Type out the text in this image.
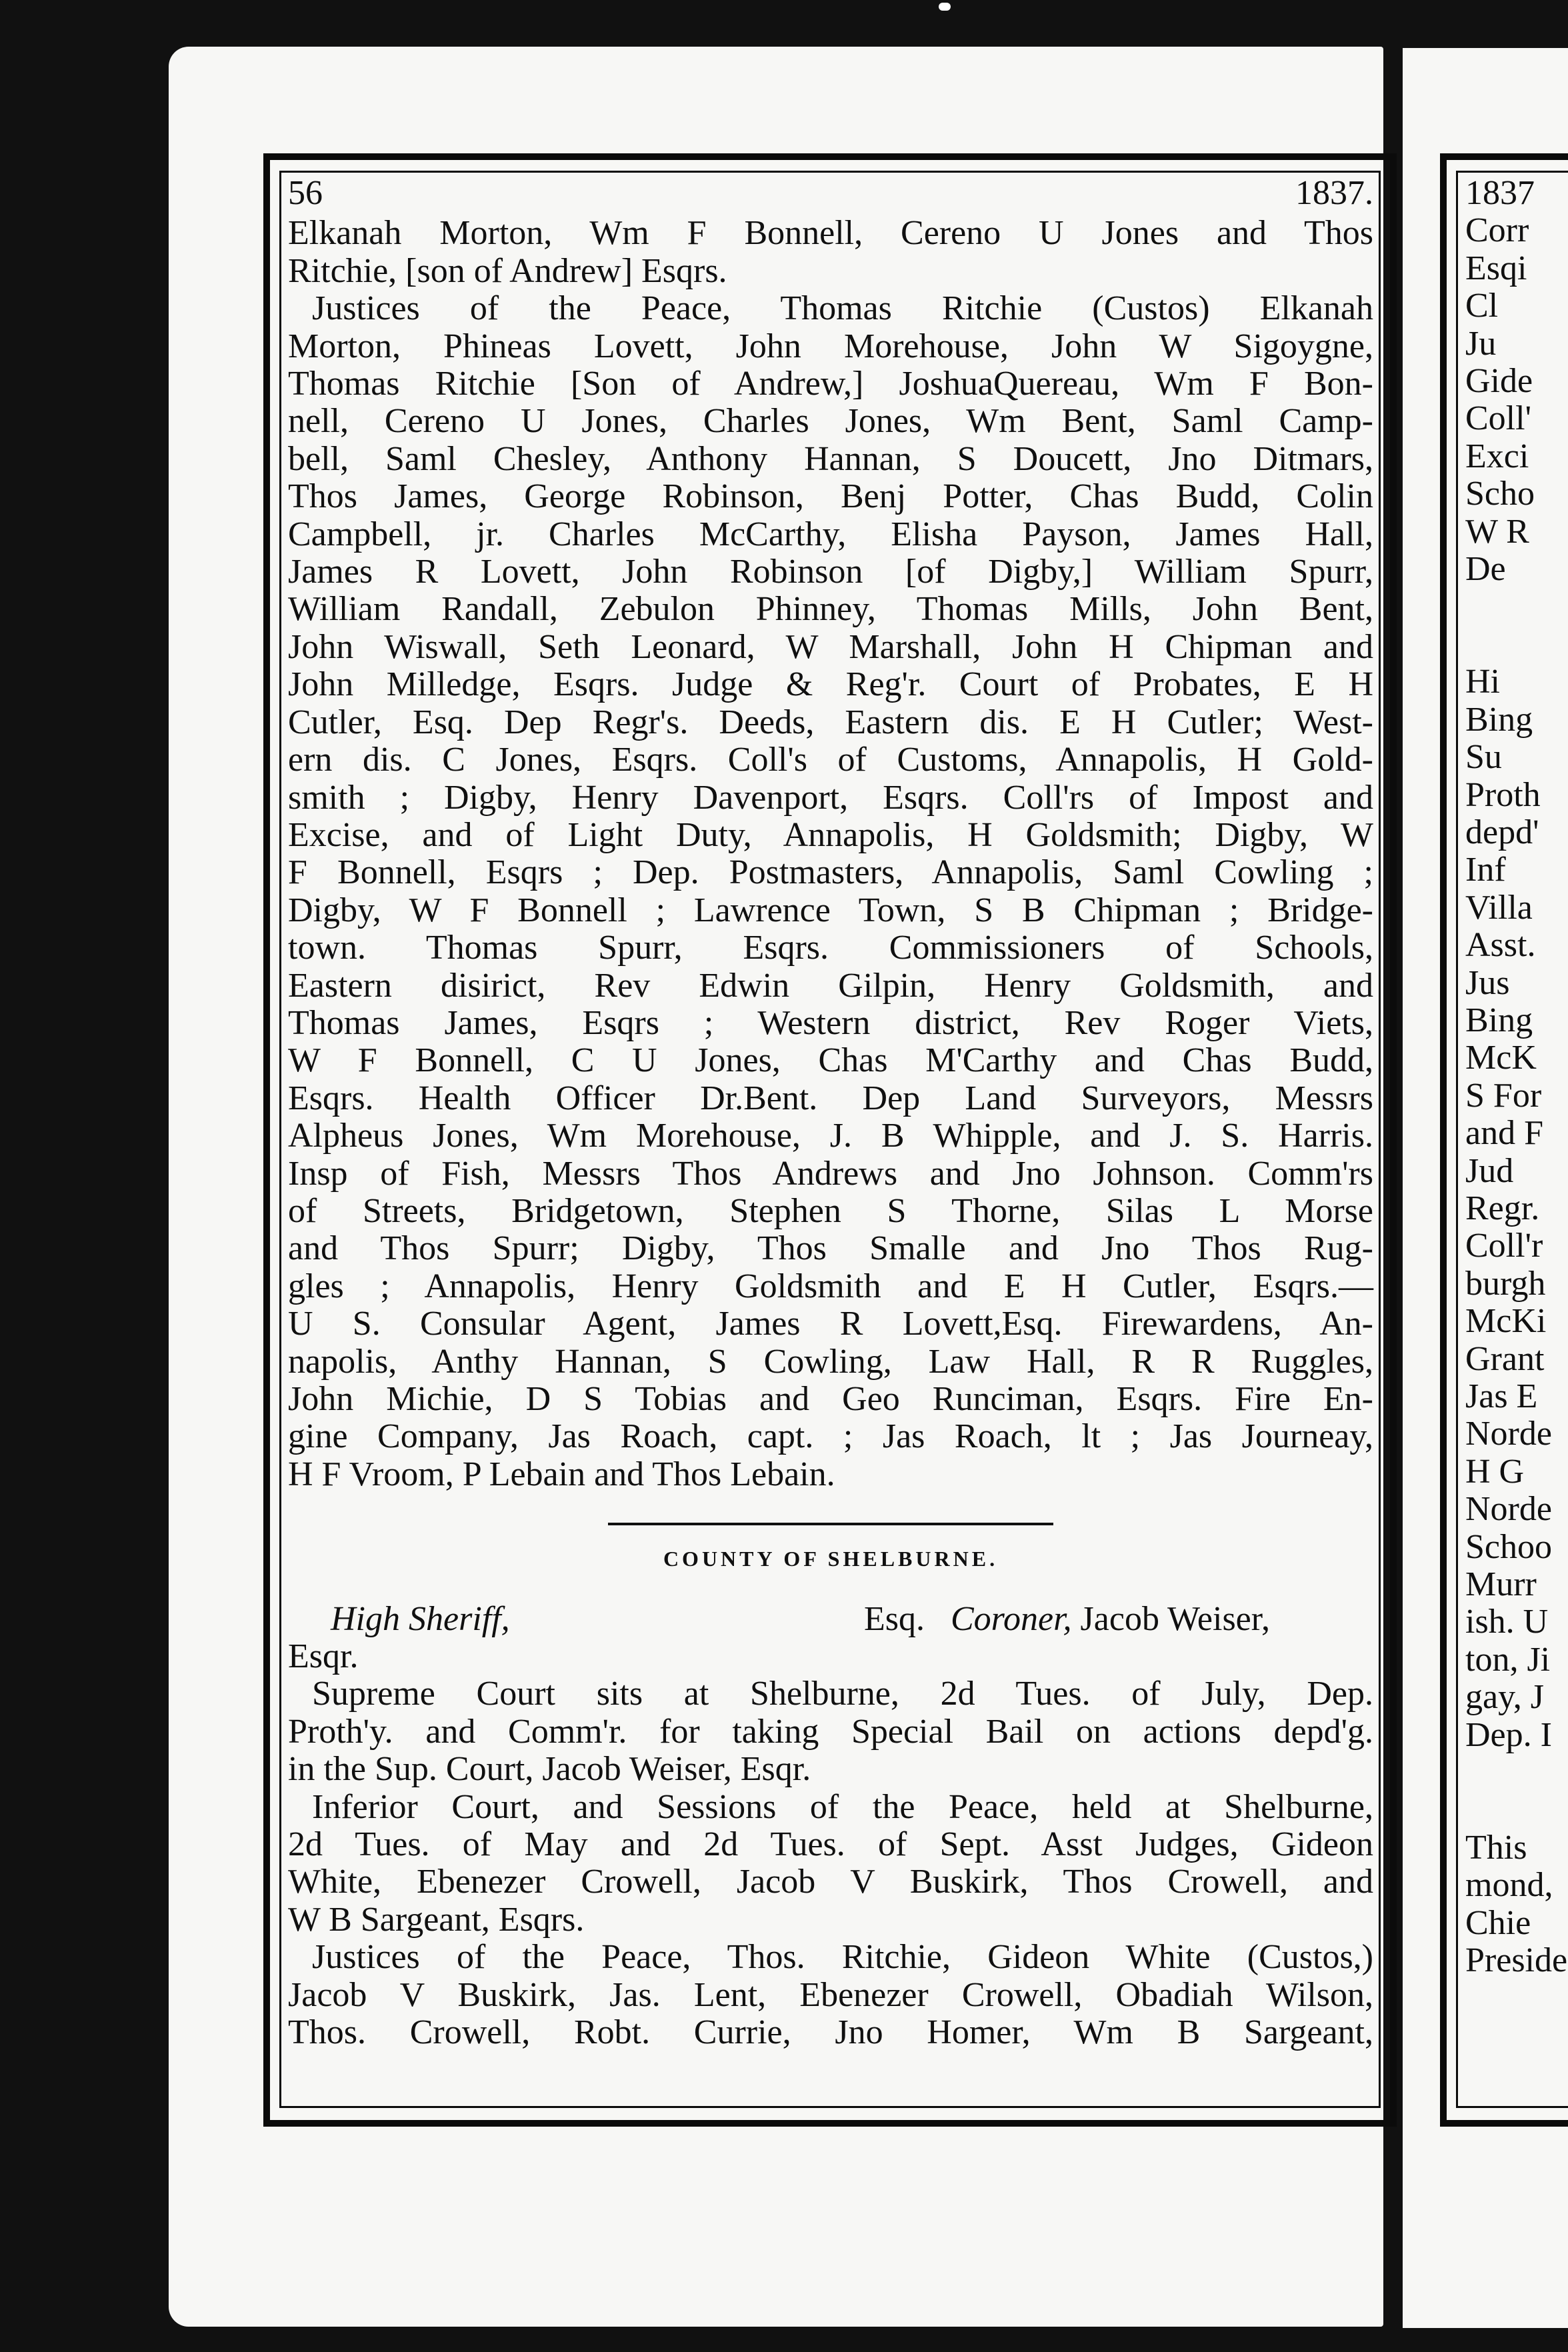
56	1837.
Elkanah Morton, Wm F Bonnell, Cereno U Jones and Thos
Ritchie, [son of Andrew] Esqrs.
Justices of the Peace, Thomas Ritchie (Custos) Elkanah
Morton, Phineas Lovett, John Morehouse, John W Sigoygne,
Thomas Ritchie [Son of Andrew,] JoshuaQuereau, Wm F Bon-
nell, Cereno U Jones, Charles Jones, Wm Bent, Saml Camp-
bell, Saml Chesley, Anthony Hannan, S Doucett, Jno Ditmars,
Thos James, George Robinson, Benj Potter, Chas Budd, Colin
Campbell, jr. Charles McCarthy, Elisha Payson, James Hall,
James R Lovett, John Robinson [of Digby,] William Spurr,
William Randall, Zebulon Phinney, Thomas Mills, John Bent,
John Wiswall, Seth Leonard, W Marshall, John H Chipman and
John Milledge, Esqrs. Judge & Reg'r. Court of Probates, E H
Cutler, Esq. Dep Regr's. Deeds, Eastern dis. E H Cutler; West-
ern dis. C Jones, Esqrs. Coll's of Customs, Annapolis, H Gold-
smith ; Digby, Henry Davenport, Esqrs. Coll'rs of Impost and
Excise, and of Light Duty, Annapolis, H Goldsmith; Digby, W
F Bonnell, Esqrs ; Dep. Postmasters, Annapolis, Saml Cowling ;
Digby, W F Bonnell ; Lawrence Town, S B Chipman ; Bridge-
town. Thomas Spurr, Esqrs. Commissioners of Schools,
Eastern disirict, Rev Edwin Gilpin, Henry Goldsmith, and
Thomas James, Esqrs ; Western district, Rev Roger Viets,
W F Bonnell, C U Jones, Chas M'Carthy and Chas Budd,
Esqrs. Health Officer Dr.Bent. Dep Land Surveyors, Messrs
Alpheus Jones, Wm Morehouse, J. B Whipple, and J. S. Harris.
Insp of Fish, Messrs Thos Andrews and Jno Johnson. Comm'rs
of Streets, Bridgetown, Stephen S Thorne, Silas L Morse
and Thos Spurr; Digby, Thos Smalle and Jno Thos Rug-
gles ; Annapolis, Henry Goldsmith and E H Cutler, Esqrs.—
U S. Consular Agent, James R Lovett,Esq. Firewardens, An-
napolis, Anthy Hannan, S Cowling, Law Hall, R R Ruggles,
John Michie, D S Tobias and Geo Runciman, Esqrs. Fire En-
gine Company, Jas Roach, capt. ; Jas Roach, lt ; Jas Journeay,
H F Vroom, P Lebain and Thos Lebain.
COUNTY OF SHELBURNE.
High Sheriff,	Esq. Coroner, Jacob Weiser,
Esqr.
Supreme Court sits at Shelburne, 2d Tues. of July, Dep.
Proth'y. and Comm'r. for taking Special Bail on actions depd'g.
in the Sup. Court, Jacob Weiser, Esqr.
Inferior Court, and Sessions of the Peace, held at Shelburne,
2d Tues. of May and 2d Tues. of Sept. Asst Judges, Gideon
White, Ebenezer Crowell, Jacob V Buskirk, Thos Crowell, and
W B Sargeant, Esqrs.
Justices of the Peace, Thos. Ritchie, Gideon White (Custos,)
Jacob V Buskirk, Jas. Lent, Ebenezer Crowell, Obadiah Wilson,
Thos. Crowell, Robt. Currie, Jno Homer, Wm B Sargeant,
1837
Corr
Esqi
Cl
Ju
Gide
Coll'
Exci
Scho
W R
De

Hi
Bing
Su
Proth
depd'
Inf
Villa
Asst.
Jus
Bing
McK
S For
and F
Jud
Regr.
Coll'r
burgh
McKi
Grant
Jas E
Norde
H G
Norde
Schoo
Murr
ish. U
ton, Ji
gay, J
Dep. I

This
mond,
Chie
Preside
